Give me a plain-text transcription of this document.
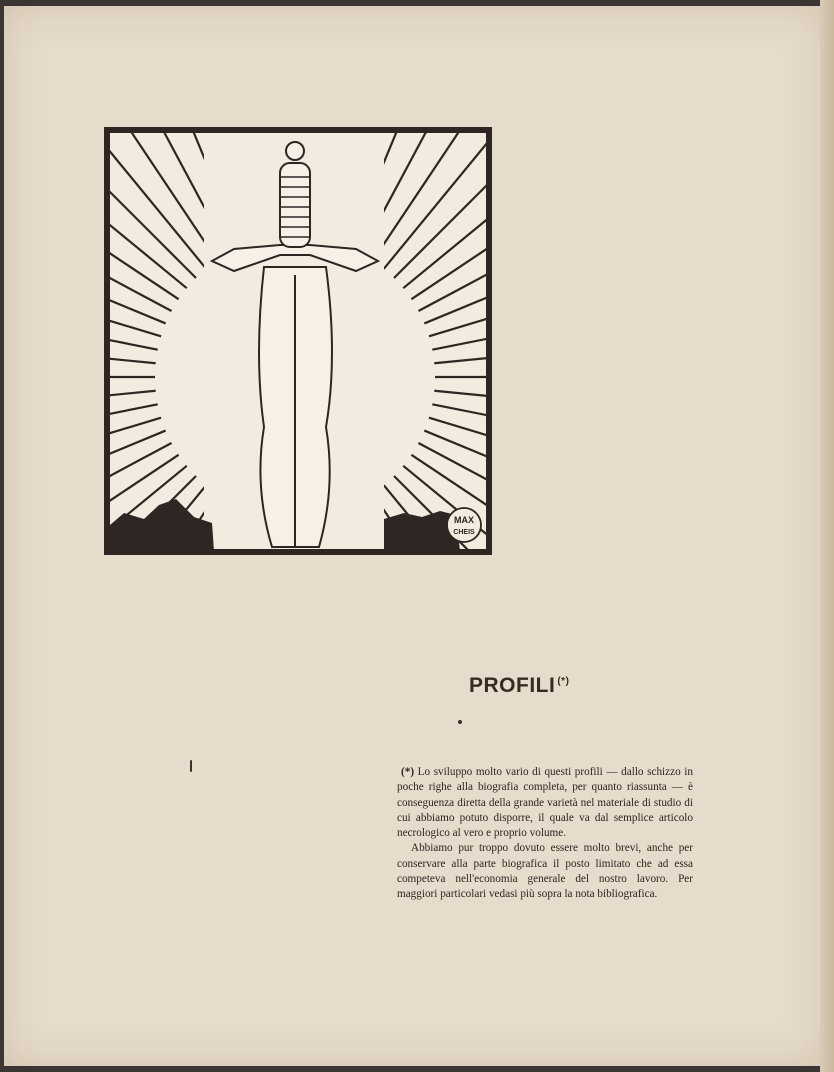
MAX
CHEIS
PROFILI (*)

(*) Lo sviluppo molto vario di questi profili — dallo schizzo in poche righe alla biografia completa, per quanto riassunta — è conseguenza diretta della grande varietà nel materiale di studio di cui abbiamo potuto disporre, il quale va dal semplice articolo necrologico al vero e proprio volume.

Abbiamo pur troppo dovuto essere molto brevi, anche per conservare alla parte biografica il posto limitato che ad essa competeva nell'economia generale del nostro lavoro. Per maggiori particolari vedasi più sopra la nota bibliografica.
